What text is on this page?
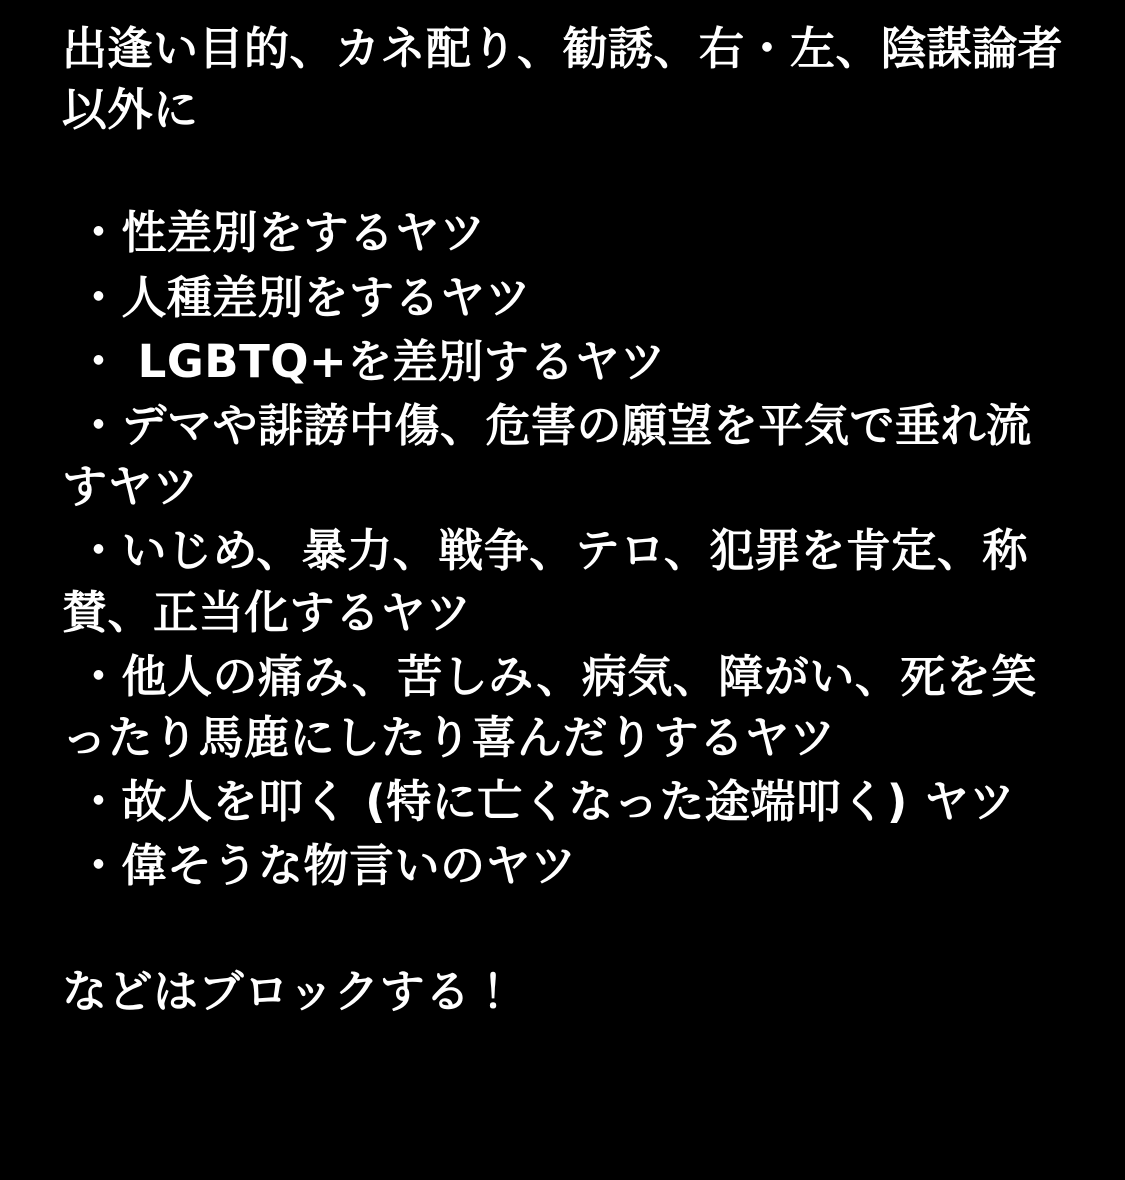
出逢い目的、カネ配り、勧誘、右・左、陰謀論者以外に

・性差別をするヤツ
・人種差別をするヤツ
・ LGBTQ+を差別するヤツ
・デマや誹謗中傷、危害の願望を平気で垂れ流すヤツ
・いじめ、暴力、戦争、テロ、犯罪を肯定、称賛、正当化するヤツ
・他人の痛み、苦しみ、病気、障がい、死を笑ったり馬鹿にしたり喜んだりするヤツ
・故人を叩く (特に亡くなった途端叩く) ヤツ
・偉そうな物言いのヤツ

などはブロックする！
